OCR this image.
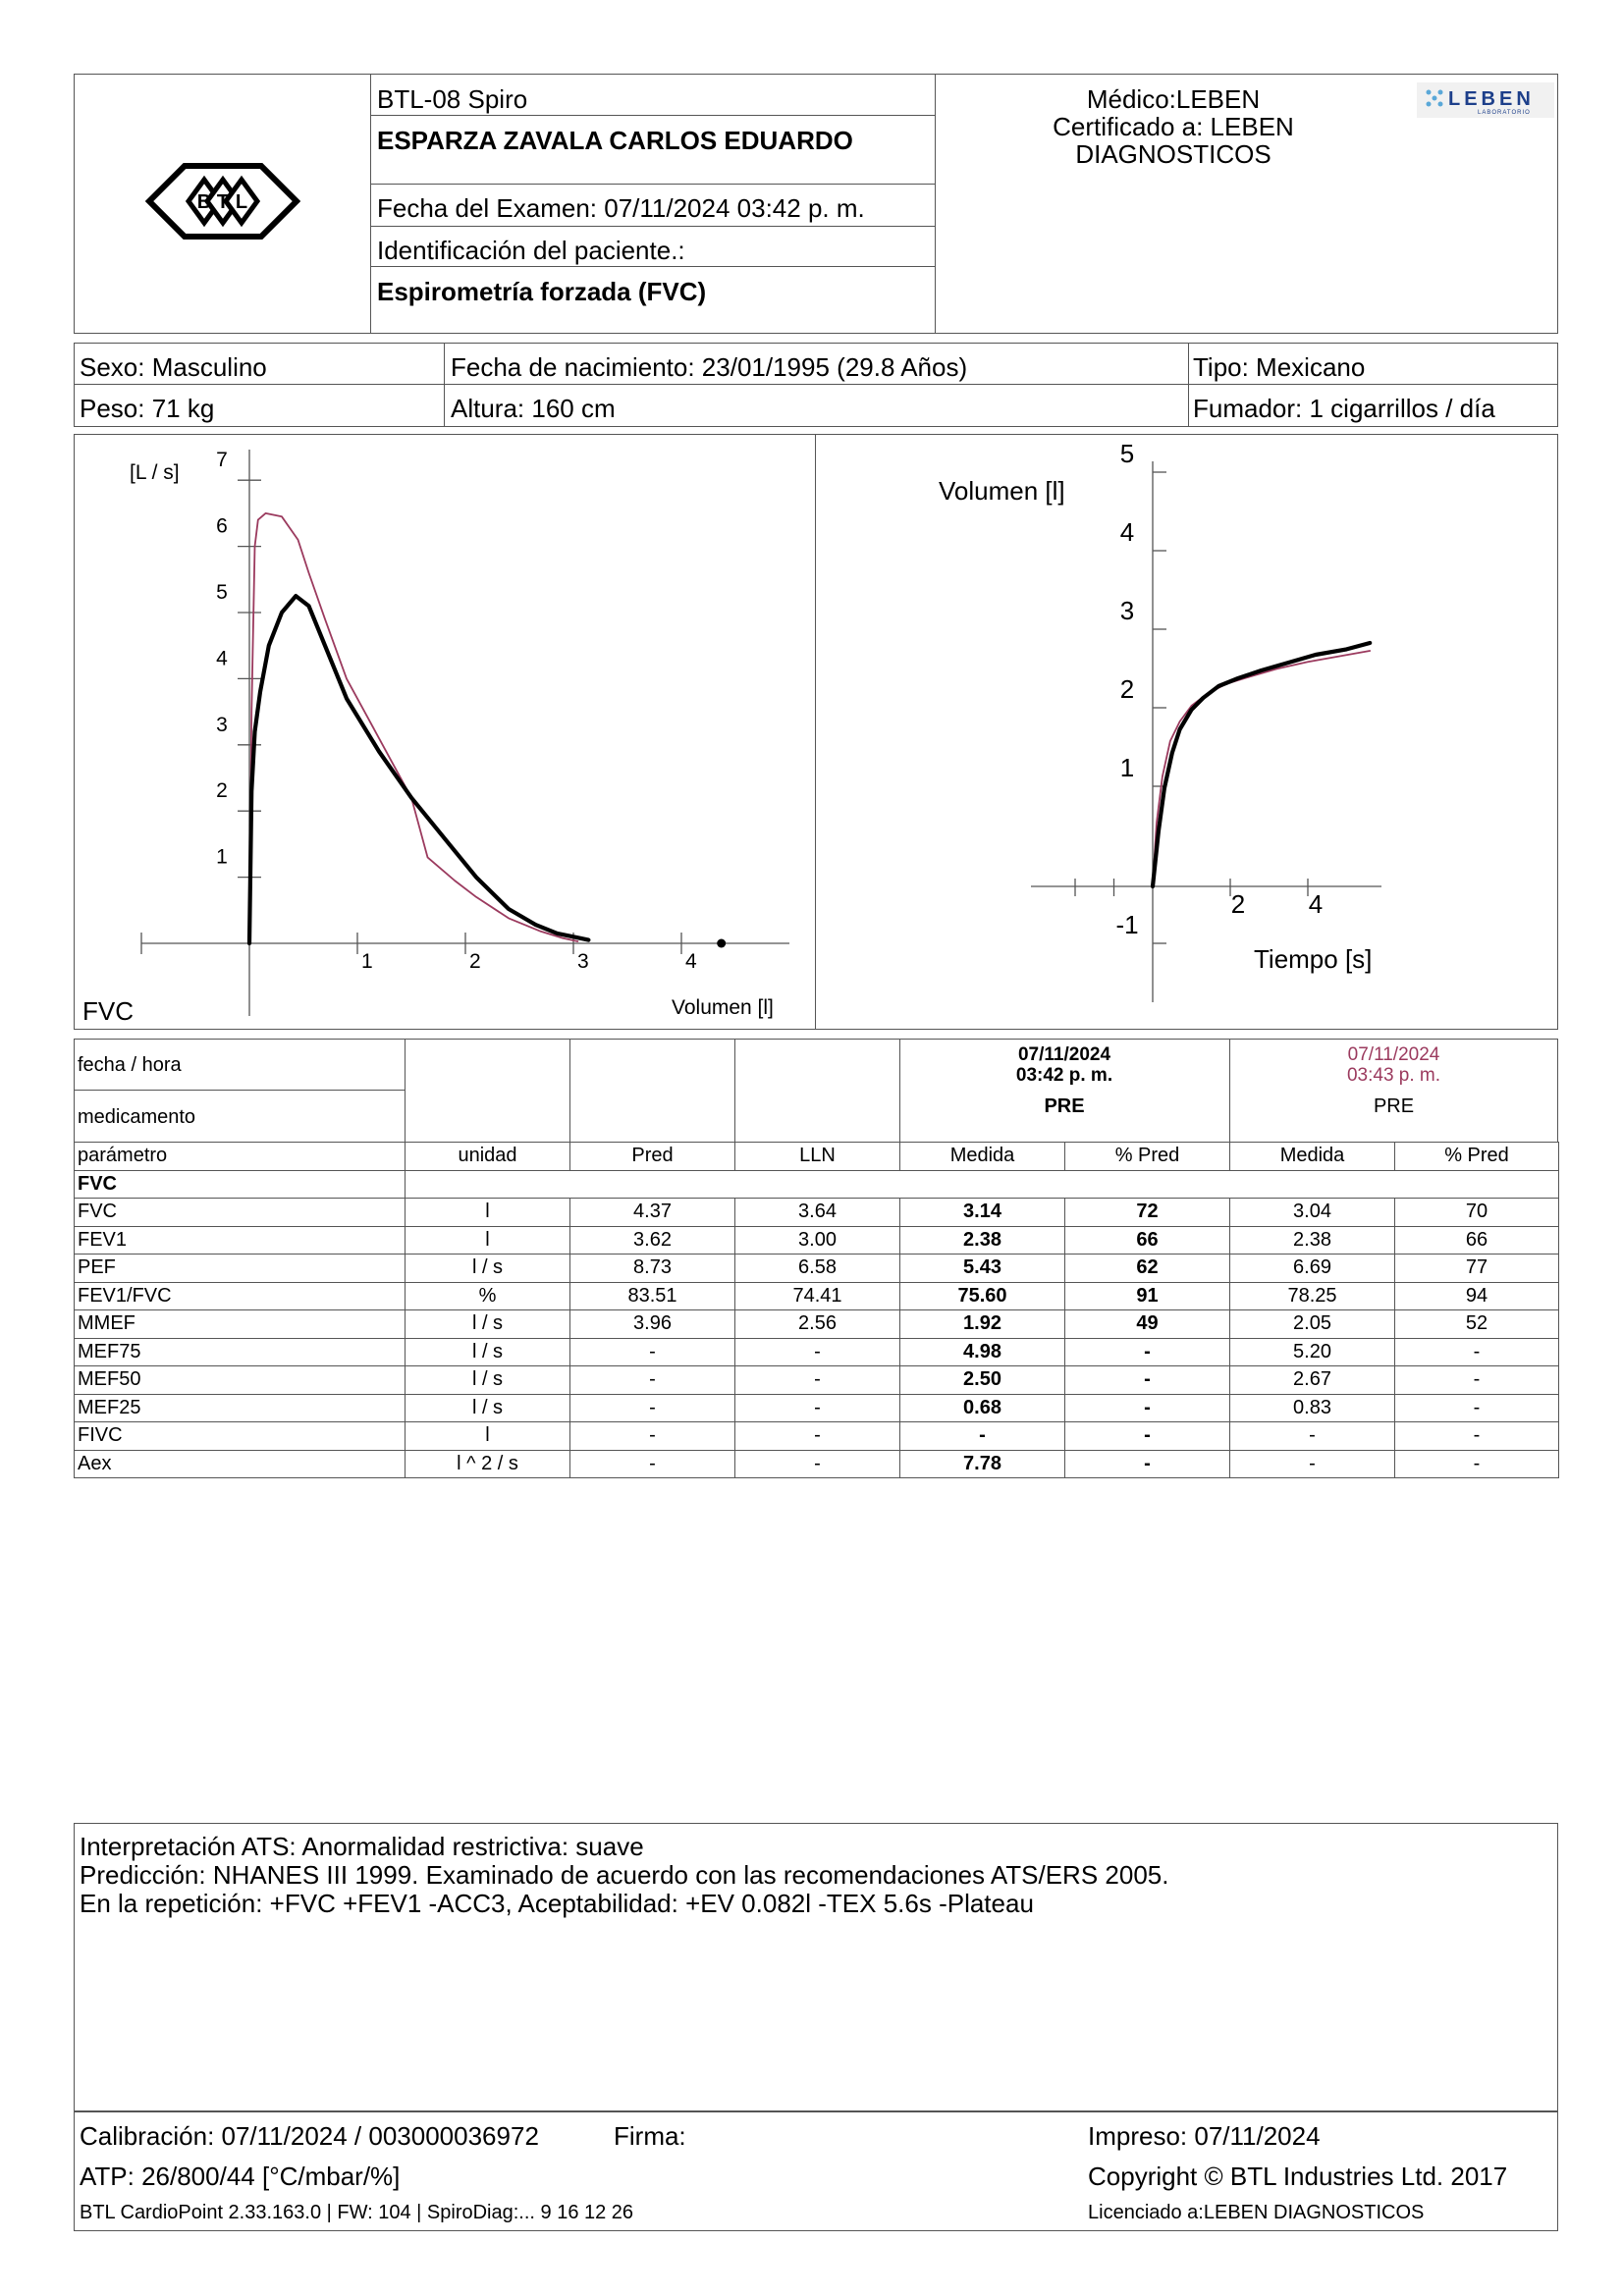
B T L
BTL-08 Spiro
ESPARZA ZAVALA CARLOS EDUARDO
Fecha del Examen: 07/11/2024 03:42 p. m.
Identificación del paciente.:
Espirometría forzada (FVC)
Médico:LEBEN
Certificado a: LEBEN
DIAGNOSTICOS
LEBEN
LABORATORIO
Sexo: Masculino	Fecha de nacimiento: 23/01/1995 (29.8 Años)	Tipo: Mexicano
Peso: 71 kg	Altura: 160 cm	Fumador: 1 cigarrillos / día
1	2	3	4
1
2
3
4
5
6
7
[L / s]
Volumen [l]
FVC
2 4
-1
1
2
3
4
5
Volumen [l]
Tiempo [s]
fecha / hora
medicamento
07/11/2024
03:42 p. m.
PRE
07/11/2024
03:43 p. m.
PRE
parámetro	unidad	Pred	LLN	Medida	% Pred	Medida	% Pred
FVC							
FVC	l	4.37	3.64	3.14	72	3.04	70
FEV1	l	3.62	3.00	2.38	66	2.38	66
PEF	l / s	8.73	6.58	5.43	62	6.69	77
FEV1/FVC	%	83.51	74.41	75.60	91	78.25	94
MMEF	l / s	3.96	2.56	1.92	49	2.05	52
MEF75	l / s	-	-	4.98	-	5.20	-
MEF50	l / s	-	-	2.50	-	2.67	-
MEF25	l / s	-	-	0.68	-	0.83	-
FIVC	l	-	-	-	-	-	-
Aex	l ^ 2 / s	-	-	7.78	-	-	-
Interpretación ATS: Anormalidad restrictiva: suave
Predicción: NHANES III 1999. Examinado de acuerdo con las recomendaciones ATS/ERS 2005.
En la repetición: +FVC +FEV1 -ACC3, Aceptabilidad: +EV 0.082l -TEX 5.6s -Plateau
Calibración: 07/11/2024 / 003000036972	Firma:	Impreso: 07/11/2024
ATP: 26/800/44 [°C/mbar/%]	Copyright © BTL Industries Ltd. 2017
BTL CardioPoint 2.33.163.0 | FW: 104 | SpiroDiag:... 9 16 12 26	Licenciado a:LEBEN DIAGNOSTICOS
